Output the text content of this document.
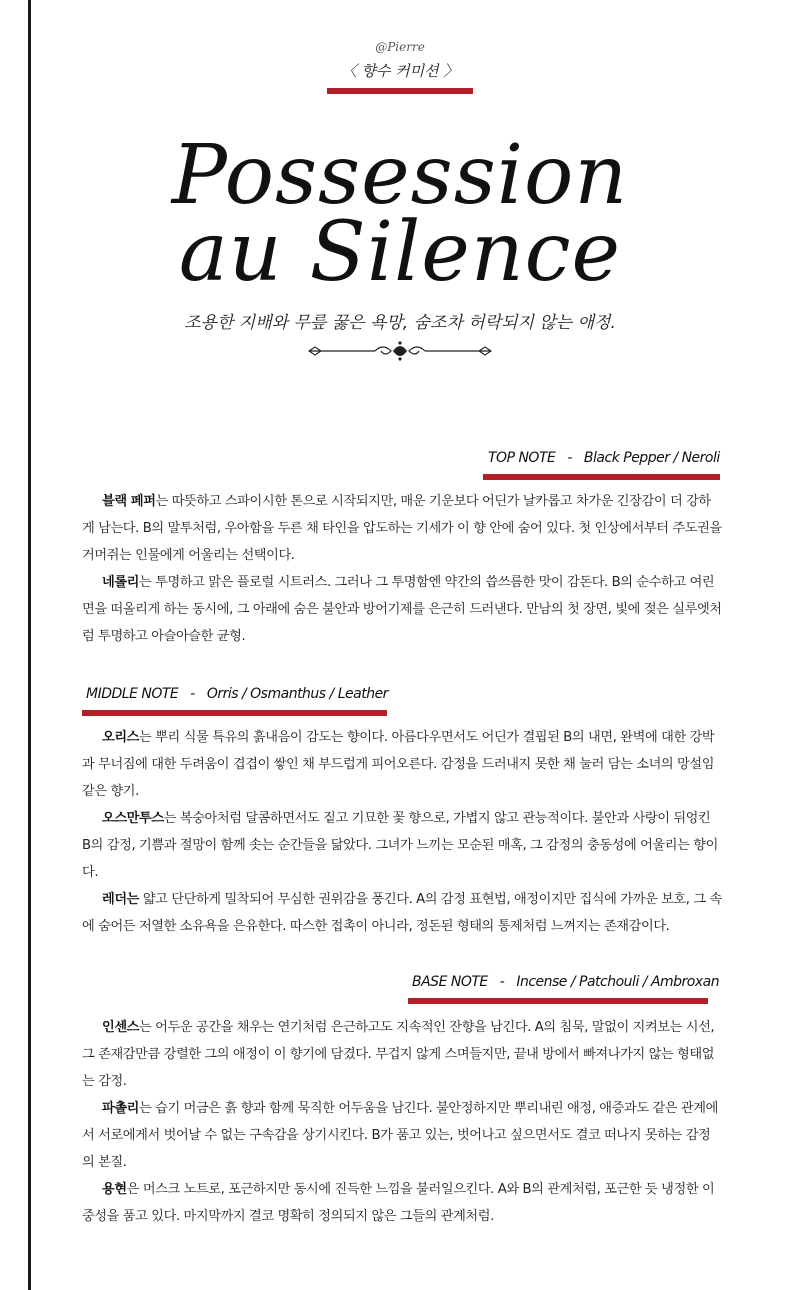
@Pierre
〈 향수 커미션 〉
Possession
au Silence
조용한 지배와 무릎 꿇은 욕망, 숨조차 허락되지 않는 애정.
TOP NOTE - Black Pepper / Neroli

블랙 페퍼는 따뜻하고 스파이시한 톤으로 시작되지만, 매운 기운보다 어딘가 날카롭고 차가운 긴장감이 더 강하게 남는다. B의 말투처럼, 우아함을 두른 채 타인을 압도하는 기세가 이 향 안에 숨어 있다. 첫 인상에서부터 주도권을 거머쥐는 인물에게 어울리는 선택이다.

네롤리는 투명하고 맑은 플로럴 시트러스. 그러나 그 투명함엔 약간의 씁쓰름한 맛이 감돈다. B의 순수하고 여린 면을 떠올리게 하는 동시에, 그 아래에 숨은 불안과 방어기제를 은근히 드러낸다. 만남의 첫 장면, 빛에 젖은 실루엣처럼 투명하고 아슬아슬한 균형.

MIDDLE NOTE - Orris / Osmanthus / Leather

오리스는 뿌리 식물 특유의 흙내음이 감도는 향이다. 아름다우면서도 어딘가 결핍된 B의 내면, 완벽에 대한 강박과 무너짐에 대한 두려움이 겹겹이 쌓인 채 부드럽게 피어오른다. 감정을 드러내지 못한 채 눌러 담는 소녀의 망설임 같은 향기.

오스만투스는 복숭아처럼 달콤하면서도 짙고 기묘한 꽃 향으로, 가볍지 않고 관능적이다. 불안과 사랑이 뒤엉킨 B의 감정, 기쁨과 절망이 함께 솟는 순간들을 닮았다. 그녀가 느끼는 모순된 매혹, 그 감정의 충동성에 어울리는 향이다.

레더는 얇고 단단하게 밀착되어 무심한 권위감을 풍긴다. A의 감정 표현법, 애정이지만 집식에 가까운 보호, 그 속에 숨어든 저열한 소유욕을 은유한다. 따스한 접촉이 아니라, 정돈된 형태의 통제처럼 느껴지는 존재감이다.

BASE NOTE - Incense / Patchouli / Ambroxan

인센스는 어두운 공간을 채우는 연기처럼 은근하고도 지속적인 잔향을 남긴다. A의 침묵, 말없이 지켜보는 시선, 그 존재감만큼 강렬한 그의 애정이 이 향기에 담겼다. 무겁지 않게 스며들지만, 끝내 방에서 빠져나가지 않는 형태없는 감정.

파촐리는 습기 머금은 흙 향과 함께 묵직한 어두움을 남긴다. 불안정하지만 뿌리내린 애정, 애증과도 같은 관계에서 서로에게서 벗어날 수 없는 구속감을 상기시킨다. B가 품고 있는, 벗어나고 싶으면서도 결코 떠나지 못하는 감정의 본질.

용현은 머스크 노트로, 포근하지만 동시에 진득한 느낌을 불러일으킨다. A와 B의 관계처럼, 포근한 듯 냉정한 이중성을 품고 있다. 마지막까지 결코 명확히 정의되지 않은 그들의 관계처럼.
